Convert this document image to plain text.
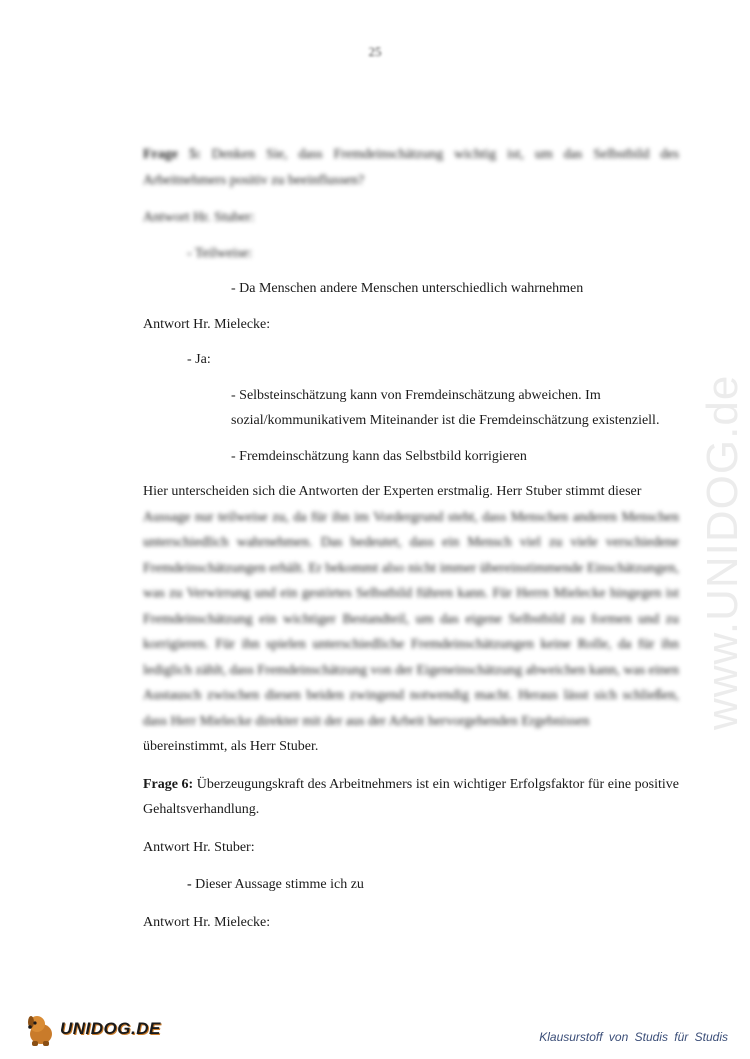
25
www.UNIDOG.de

Frage 5: Denken Sie, dass Fremdeinschätzung wichtig ist, um das Selbstbild des Arbeitnehmers positiv zu beeinflussen?

Antwort Hr. Stuber:

- Teilweise:

- Da Menschen andere Menschen unterschiedlich wahrnehmen

Antwort Hr. Mielecke:

- Ja:

- Selbsteinschätzung kann von Fremdeinschätzung abweichen. Im sozial/kommunikativem Miteinander ist die Fremdeinschätzung existenziell.

- Fremdeinschätzung kann das Selbstbild korrigieren

Hier unterscheiden sich die Antworten der Experten erstmalig. Herr Stuber stimmt dieser

Aussage nur teilweise zu, da für ihn im Vordergrund steht, dass Menschen anderen Menschen unterschiedlich wahrnehmen. Das bedeutet, dass ein Mensch viel zu viele verschiedene Fremdeinschätzungen erhält. Er bekommt also nicht immer übereinstimmende Einschätzungen, was zu Verwirrung und ein gestörtes Selbstbild führen kann. Für Herrn Mielecke hingegen ist Fremdeinschätzung ein wichtiger Bestandteil, um das eigene Selbstbild zu formen und zu korrigieren. Für ihn spielen unterschiedliche Fremdeinschätzungen keine Rolle, da für ihn lediglich zählt, dass Fremdeinschätzung von der Eigeneinschätzung abweichen kann, was einen Austausch zwischen diesen beiden zwingend notwendig macht. Heraus lässt sich schließen, dass Herr Mielecke direkter mit der aus der Arbeit hervorgehenden Ergebnissen

übereinstimmt, als Herr Stuber.

Frage 6: Überzeugungskraft des Arbeitnehmers ist ein wichtiger Erfolgsfaktor für eine positive Gehaltsverhandlung.

Antwort Hr. Stuber:

- Dieser Aussage stimme ich zu

Antwort Hr. Mielecke:

UNIDOG.DE	Klausurstoff von Studis für Studis
